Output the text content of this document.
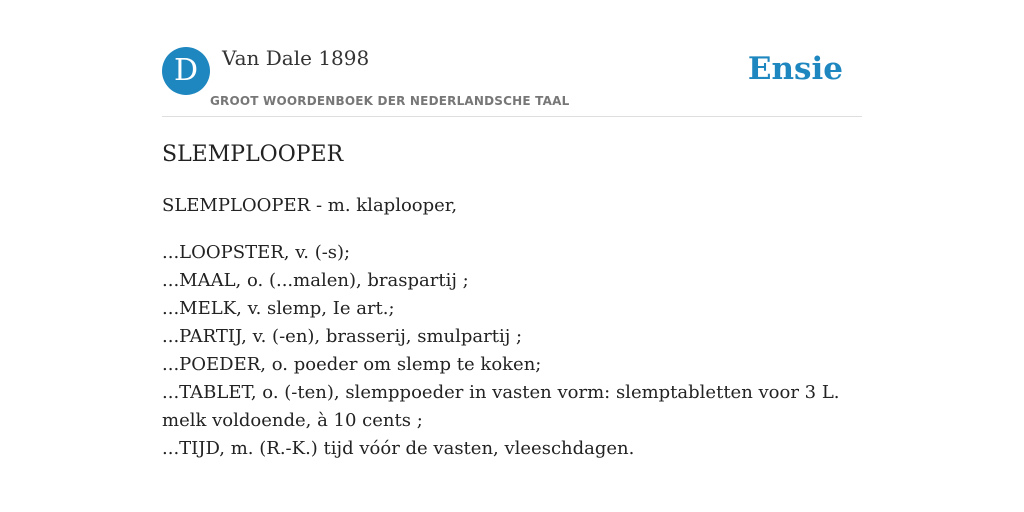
D	Van Dale 1898
GROOT WOORDENBOEK DER NEDERLANDSCHE TAAL
Ensie
SLEMPLOOPER
SLEMPLOOPER - m. klaplooper,
...LOOPSTER, v. (-s);
...MAAL, o. (...malen), braspartij ;
...MELK, v. slemp, Ie art.;
...PARTIJ, v. (-en), brasserij, smulpartij ;
...POEDER, o. poeder om slemp te koken;
...TABLET, o. (-ten), slemppoeder in vasten vorm: slemptabletten voor 3 L. melk voldoende, à 10 cents ;
...TIJD, m. (R.-K.) tijd vóór de vasten, vleeschdagen.
